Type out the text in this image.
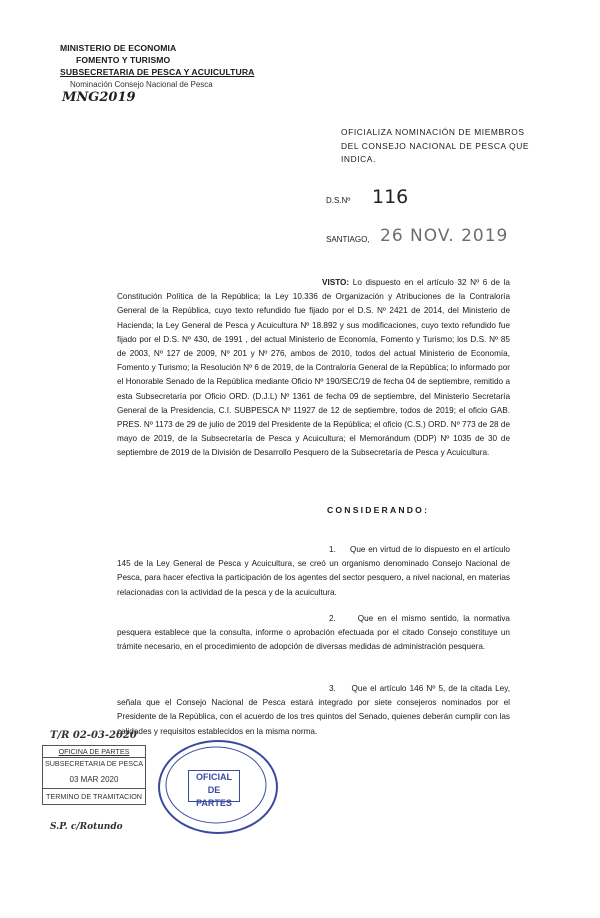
MINISTERIO DE ECONOMIA
FOMENTO Y TURISMO
SUBSECRETARIA DE PESCA Y ACUICULTURA
Nominación Consejo Nacional de Pesca
MNG2019
OFICIALIZA NOMINACIÓN DE MIEMBROS DEL CONSEJO NACIONAL DE PESCA QUE INDICA.
D.S.Nº 116
SANTIAGO, 26 NOV. 2019
VISTO: Lo dispuesto en el artículo 32 Nº 6 de la Constitución Política de la República; la Ley 10.336 de Organización y Atribuciones de la Contraloría General de la República, cuyo texto refundido fue fijado por el D.S. Nº 2421 de 2014, del Ministerio de Hacienda; la Ley General de Pesca y Acuicultura Nº 18.892 y sus modificaciones, cuyo texto refundido fue fijado por el D.S. Nº 430, de 1991 , del actual Ministerio de Economía, Fomento y Turismo; los D.S. Nº 85 de 2003, Nº 127 de 2009, Nº 201 y Nº 276, ambos de 2010, todos del actual Ministerio de Economía, Fomento y Turismo; la Resolución Nº 6 de 2019, de la Contraloría General de la República; lo informado por el Honorable Senado de la República mediante Oficio Nº 190/SEC/19 de fecha 04 de septiembre, remitido a esta Subsecretaría por Oficio ORD. (D.J.L) Nº 1361 de fecha 09 de septiembre, del Ministerio Secretaría General de la Presidencia, C.I. SUBPESCA Nº 11927 de 12 de septiembre, todos de 2019; el oficio GAB. PRES. Nº 1173 de 29 de julio de 2019 del Presidente de la República; el oficio (C.S.) ORD. Nº 773 de 28 de mayo de 2019, de la Subsecretaría de Pesca y Acuicultura; el Memorándum (DDP) Nº 1035 de 30 de septiembre de 2019 de la División de Desarrollo Pesquero de la Subsecretaría de Pesca y Acuicultura.
CONSIDERANDO:
1. Que en virtud de lo dispuesto en el artículo 145 de la Ley General de Pesca y Acuicultura, se creó un organismo denominado Consejo Nacional de Pesca, para hacer efectiva la participación de los agentes del sector pesquero, a nivel nacional, en materias relacionadas con la actividad de la pesca y de la acuicultura.
2.	Que en el mismo sentido, la normativa pesquera establece que la consulta, informe o aprobación efectuada por el citado Consejo constituye un trámite necesario, en el procedimiento de adopción de diversas medidas de administración pesquera.
3. Que el artículo 146 Nº 5, de la citada Ley, señala que el Consejo Nacional de Pesca estará integrado por siete consejeros nominados por el Presidente de la República, con el acuerdo de los tres quintos del Senado, quienes deberán cumplir con las calidades y requisitos establecidos en la misma norma.
T/R 02-03-2020
OFICINA DE PARTES
SUBSECRETARIA DE PESCA
03 MAR 2020
TERMINO DE TRAMITACION
S.P. c/Rotundo
OFICIAL DE PARTES
